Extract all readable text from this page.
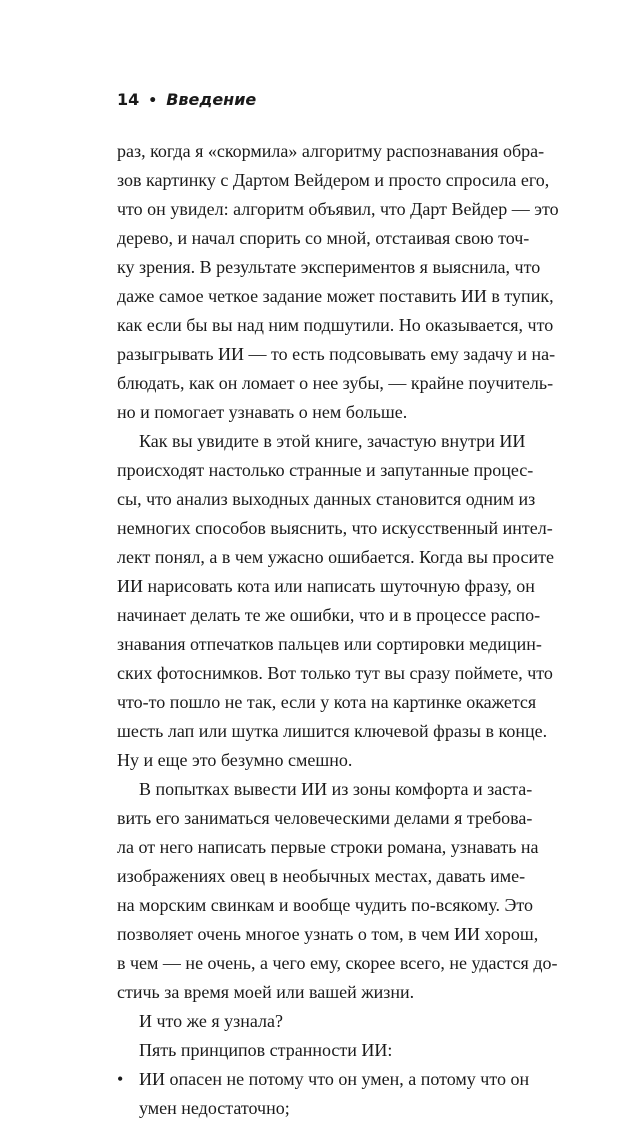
14 • Введение
раз, когда я «скормила» алгоритму распознавания обра-
зов картинку с Дартом Вейдером и просто спросила его,
что он увидел: алгоритм объявил, что Дарт Вейдер — это
дерево, и начал спорить со мной, отстаивая свою точ-
ку зрения. В результате экспериментов я выяснила, что
даже самое четкое задание может поставить ИИ в тупик,
как если бы вы над ним подшутили. Но оказывается, что
разыгрывать ИИ — то есть подсовывать ему задачу и на-
блюдать, как он ломает о нее зубы, — крайне поучитель-
но и помогает узнавать о нем больше.
Как вы увидите в этой книге, зачастую внутри ИИ
происходят настолько странные и запутанные процес-
сы, что анализ выходных данных становится одним из
немногих способов выяснить, что искусственный интел-
лект понял, а в чем ужасно ошибается. Когда вы просите
ИИ нарисовать кота или написать шуточную фразу, он
начинает делать те же ошибки, что и в процессе распо-
знавания отпечатков пальцев или сортировки медицин-
ских фотоснимков. Вот только тут вы сразу поймете, что
что-то пошло не так, если у кота на картинке окажется
шесть лап или шутка лишится ключевой фразы в конце.
Ну и еще это безумно смешно.
В попытках вывести ИИ из зоны комфорта и заста-
вить его заниматься человеческими делами я требова-
ла от него написать первые строки романа, узнавать на
изображениях овец в необычных местах, давать име-
на морским свинкам и вообще чудить по-всякому. Это
позволяет очень многое узнать о том, в чем ИИ хорош,
в чем — не очень, а чего ему, скорее всего, не удастся до-
стичь за время моей или вашей жизни.
И что же я узнала?
Пять принципов странности ИИ:
• ИИ опасен не потому что он умен, а потому что он
умен недостаточно;
